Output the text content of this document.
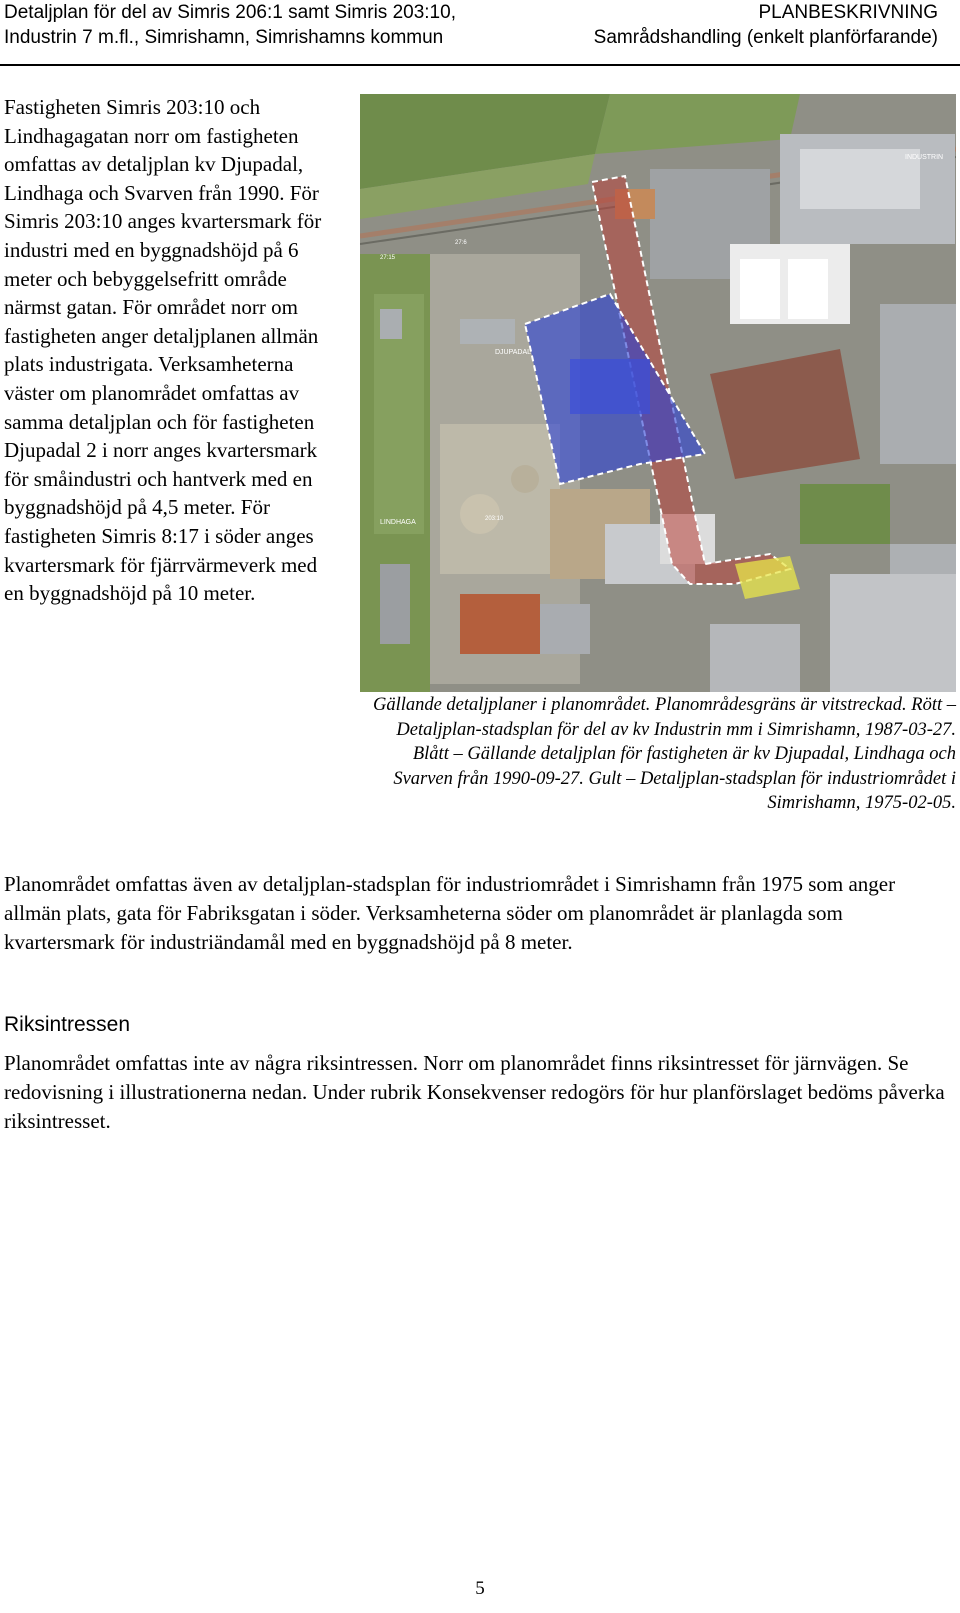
Detaljplan för del av Simris 206:1 samt Simris 203:10,
Industrin 7 m.fl., Simrishamn, Simrishamns kommun
PLANBESKRIVNING
Samrådshandling (enkelt planförfarande)
Fastigheten Simris 203:10 och Lindhagagatan norr om fastigheten omfattas av detaljplan kv Djupadal, Lindhaga och Svarven från 1990. För Simris 203:10 anges kvartersmark för industri med en byggnadshöjd på 6 meter och bebyggelsefritt område närmst gatan. För området norr om fastigheten anger detaljplanen allmän plats industrigata. Verksamheterna väster om planområdet omfattas av samma detaljplan och för fastigheten Djupadal 2 i norr anges kvartersmark för småindustri och hantverk med en byggnadshöjd på 4,5 meter. För fastigheten Simris 8:17 i söder anges kvartersmark för fjärrvärmeverk med en byggnadshöjd på 10 meter.
INDUSTRIN
DJUPADAL
LINDHAGA
27:6
27:15
203:10
Gällande detaljplaner i planområdet. Planområdesgräns är vitstreckad. Rött – Detaljplan-stadsplan för del av kv Industrin mm i Simrishamn, 1987-03-27. Blått – Gällande detaljplan för fastigheten är kv Djupadal, Lindhaga och Svarven från 1990-09-27. Gult – Detaljplan-stadsplan för industriområdet i Simrishamn, 1975-02-05.
Planområdet omfattas även av detaljplan-stadsplan för industriområdet i Simrishamn från 1975 som anger allmän plats, gata för Fabriksgatan i söder. Verksamheterna söder om planområdet är planlagda som kvartersmark för industriändamål med en byggnadshöjd på 8 meter.
Riksintressen
Planområdet omfattas inte av några riksintressen. Norr om planområdet finns riksintresset för järnvägen. Se redovisning i illustrationerna nedan. Under rubrik Konsekvenser redogörs för hur planförslaget bedöms påverka riksintresset.
5
